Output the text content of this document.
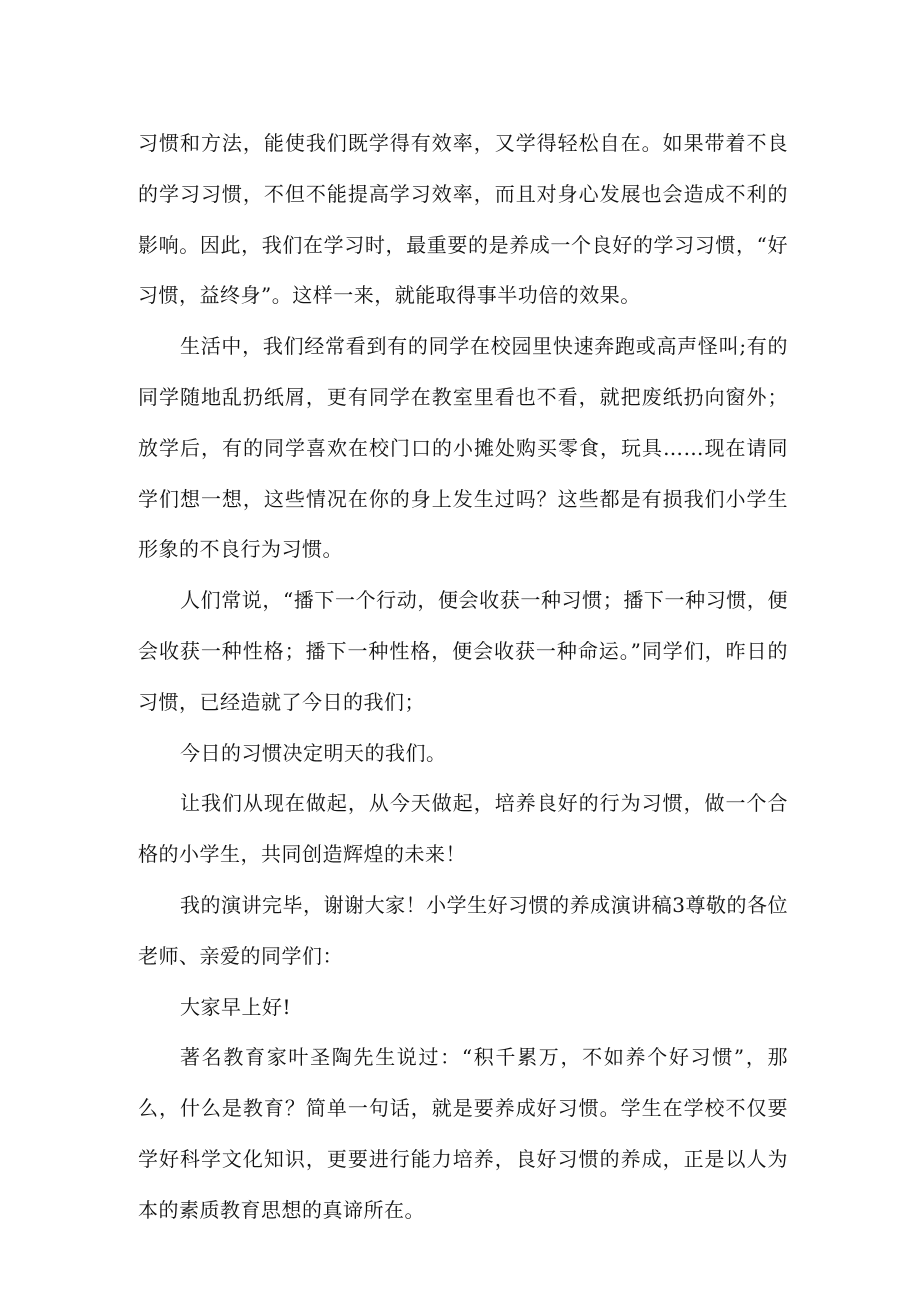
习惯和方法，能使我们既学得有效率，又学得轻松自在。如果带着不良的学习习惯，不但不能提高学习效率，而且对身心发展也会造成不利的影响。因此，我们在学习时，最重要的是养成一个良好的学习习惯，“好习惯，益终身”。这样一来，就能取得事半功倍的效果。

生活中，我们经常看到有的同学在校园里快速奔跑或高声怪叫;有的同学随地乱扔纸屑，更有同学在教室里看也不看，就把废纸扔向窗外；放学后，有的同学喜欢在校门口的小摊处购买零食，玩具……现在请同学们想一想，这些情况在你的身上发生过吗？这些都是有损我们小学生形象的不良行为习惯。

人们常说，“播下一个行动，便会收获一种习惯；播下一种习惯，便会收获一种性格；播下一种性格，便会收获一种命运。”同学们，昨日的习惯，已经造就了今日的我们；

今日的习惯决定明天的我们。

让我们从现在做起，从今天做起，培养良好的行为习惯，做一个合格的小学生，共同创造辉煌的未来！

我的演讲完毕，谢谢大家！小学生好习惯的养成演讲稿3尊敬的各位老师、亲爱的同学们：

大家早上好!

著名教育家叶圣陶先生说过：“积千累万，不如养个好习惯”，那么，什么是教育？简单一句话，就是要养成好习惯。学生在学校不仅要学好科学文化知识，更要进行能力培养，良好习惯的养成，正是以人为本的素质教育思想的真谛所在。
